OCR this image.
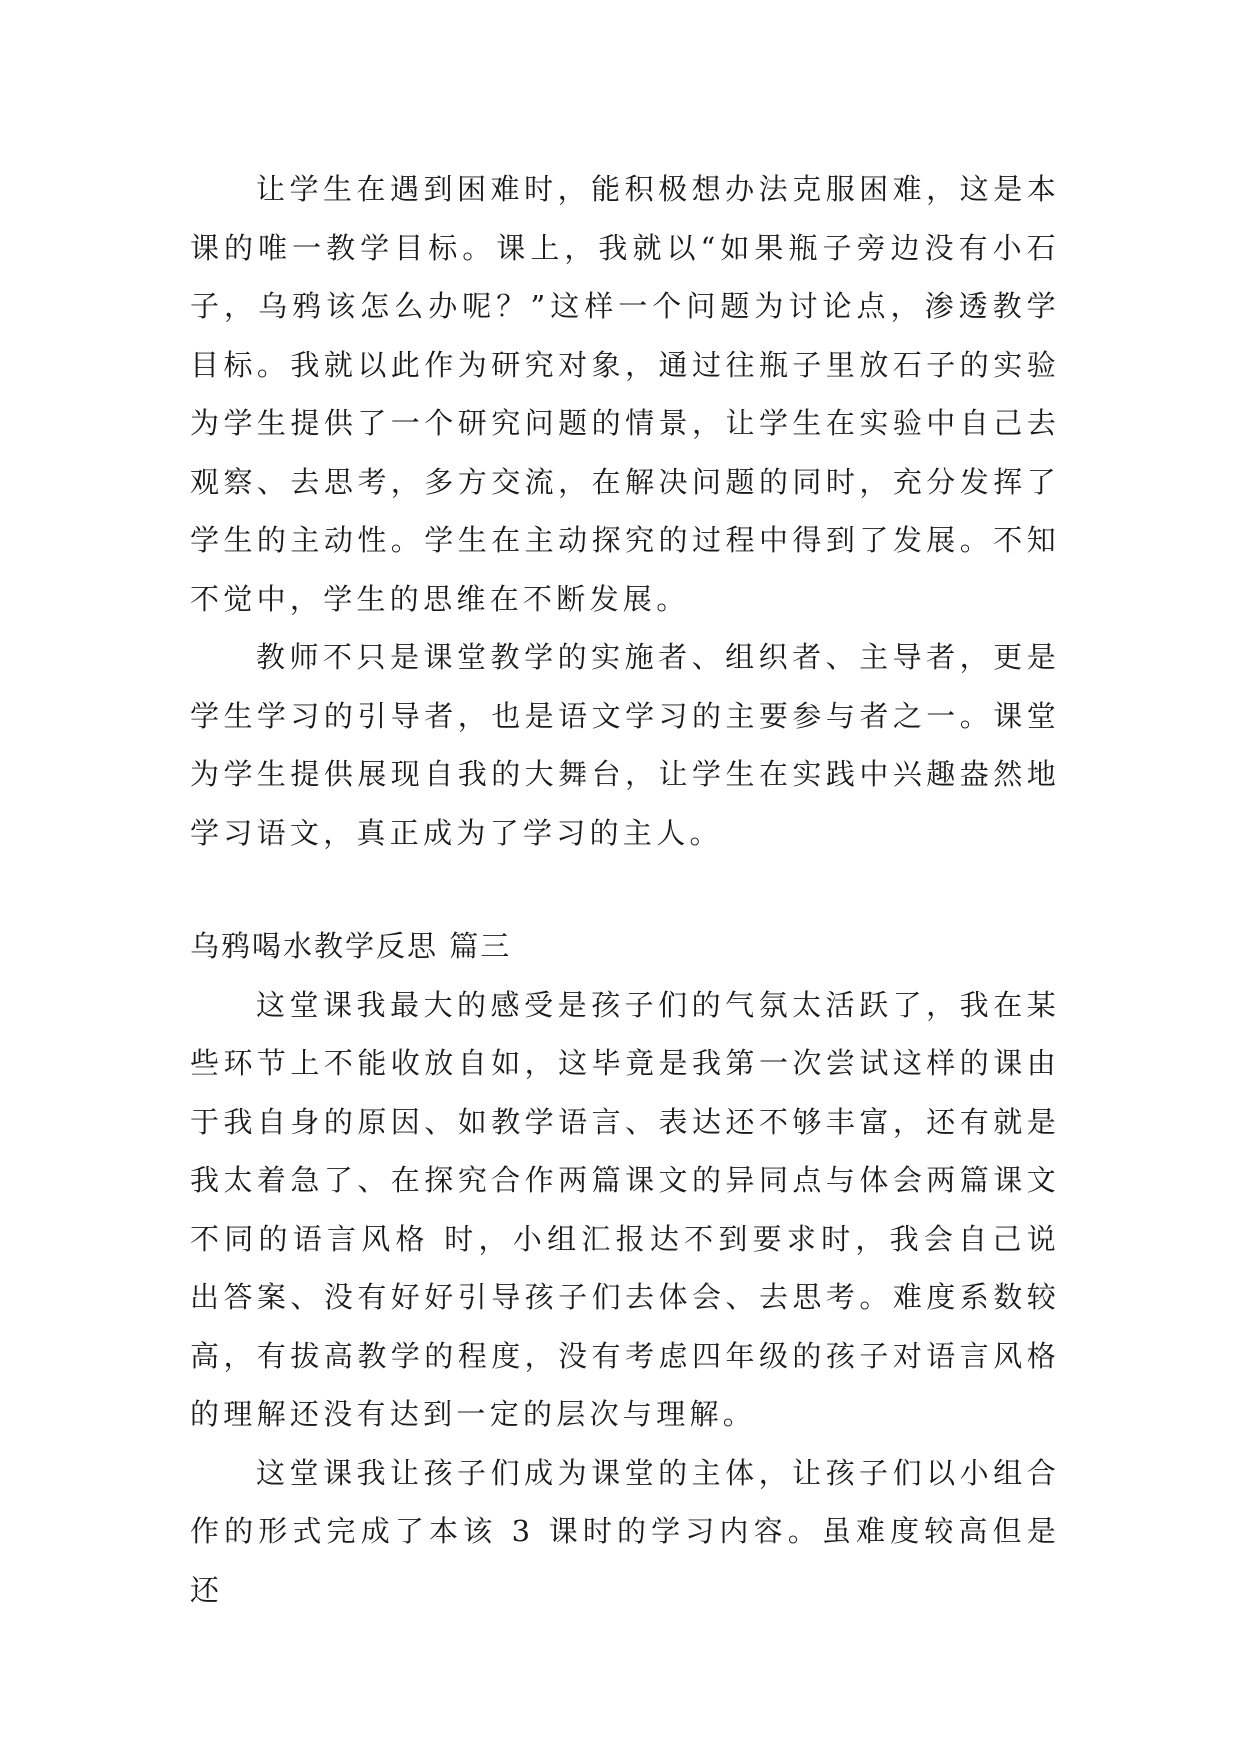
让学生在遇到困难时，能积极想办法克服困难，这是本课的唯一教学目标。课上，我就以“如果瓶子旁边没有小石子，乌鸦该怎么办呢？”这样一个问题为讨论点，渗透教学目标。我就以此作为研究对象，通过往瓶子里放石子的实验为学生提供了一个研究问题的情景，让学生在实验中自己去观察、去思考，多方交流，在解决问题的同时，充分发挥了学生的主动性。学生在主动探究的过程中得到了发展。不知不觉中，学生的思维在不断发展。

教师不只是课堂教学的实施者、组织者、主导者，更是学生学习的引导者，也是语文学习的主要参与者之一。课堂为学生提供展现自我的大舞台，让学生在实践中兴趣盎然地学习语文，真正成为了学习的主人。

乌鸦喝水教学反思 篇三

这堂课我最大的感受是孩子们的气氛太活跃了，我在某些环节上不能收放自如，这毕竟是我第一次尝试这样的课由于我自身的原因、如教学语言、表达还不够丰富，还有就是我太着急了、在探究合作两篇课文的异同点与体会两篇课文不同的语言风格 时，小组汇报达不到要求时，我会自己说出答案、没有好好引导孩子们去体会、去思考。难度系数较高，有拔高教学的程度，没有考虑四年级的孩子对语言风格的理解还没有达到一定的层次与理解。

这堂课我让孩子们成为课堂的主体，让孩子们以小组合作的形式完成了本该 3 课时的学习内容。虽难度较高但是还
